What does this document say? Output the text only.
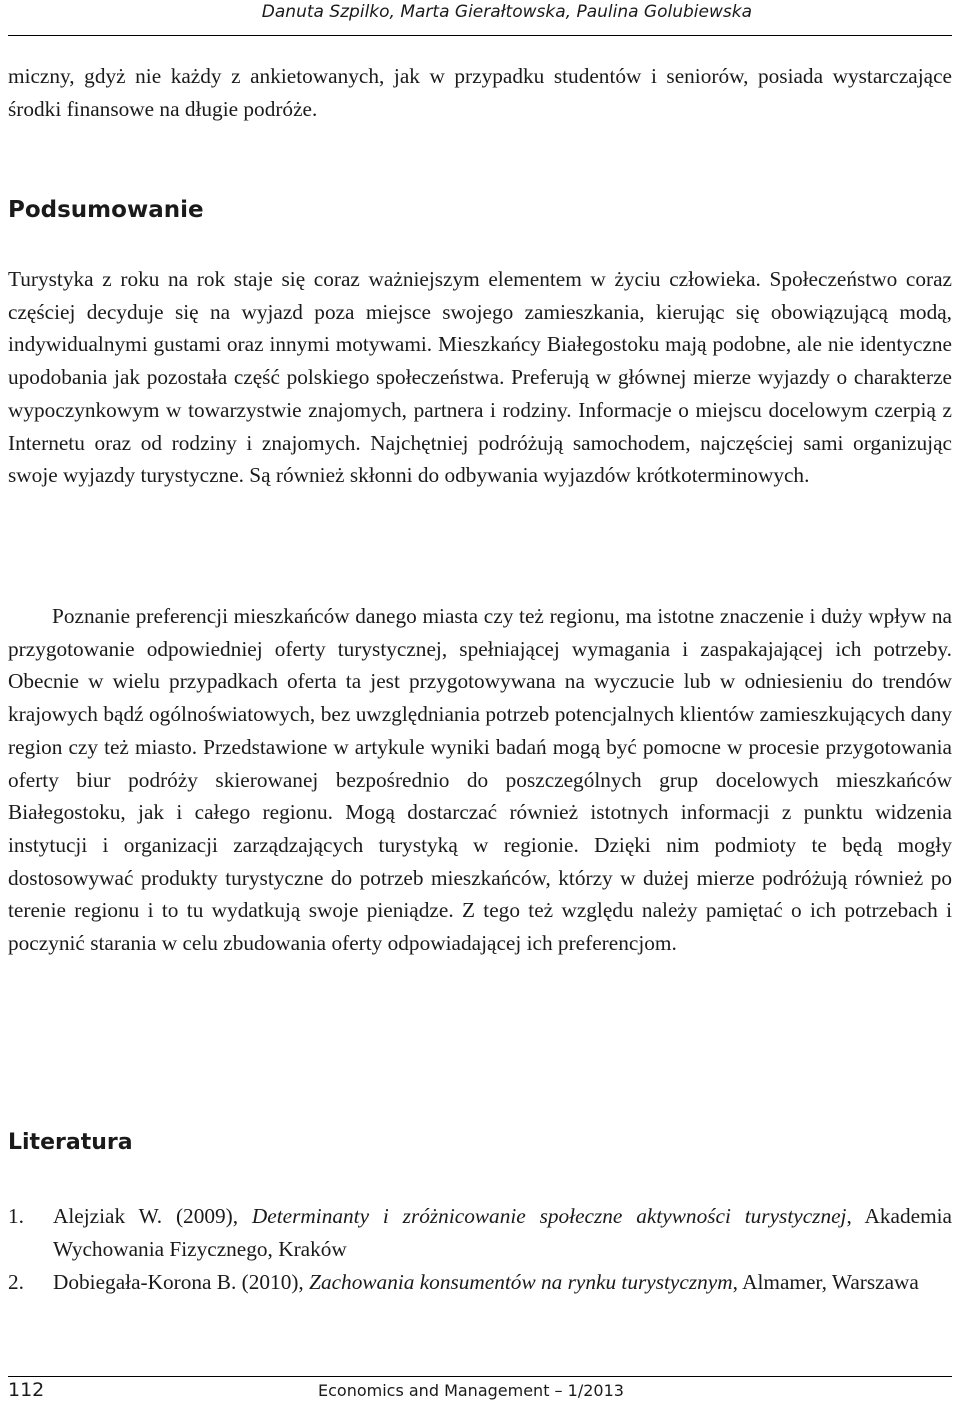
Danuta Szpilko, Marta Gierałtowska, Paulina Golubiewska

miczny, gdyż nie każdy z ankietowanych, jak w przypadku studentów i seniorów, posiada wystarczające środki finansowe na długie podróże.

Podsumowanie

Turystyka z roku na rok staje się coraz ważniejszym elementem w życiu człowieka. Społeczeństwo coraz częściej decyduje się na wyjazd poza miejsce swojego zamieszkania, kierując się obowiązującą modą, indywidualnymi gustami oraz innymi motywami. Mieszkańcy Białegostoku mają podobne, ale nie identyczne upodobania jak pozostała część polskiego społeczeństwa. Preferują w głównej mierze wyjazdy o charakterze wypoczynkowym w towarzystwie znajomych, partnera i rodziny. Informacje o miejscu docelowym czerpią z Internetu oraz od rodziny i znajomych. Najchętniej podróżują samochodem, najczęściej sami organizując swoje wyjazdy turystyczne. Są również skłonni do odbywania wyjazdów krótkoterminowych.

Poznanie preferencji mieszkańców danego miasta czy też regionu, ma istotne znaczenie i duży wpływ na przygotowanie odpowiedniej oferty turystycznej, spełniającej wymagania i zaspakajającej ich potrzeby. Obecnie w wielu przypadkach oferta ta jest przygotowywana na wyczucie lub w odniesieniu do trendów krajowych bądź ogólnoświatowych, bez uwzględniania potrzeb potencjalnych klientów zamieszkujących dany region czy też miasto. Przedstawione w artykule wyniki badań mogą być pomocne w procesie przygotowania oferty biur podróży skierowanej bezpośrednio do poszczególnych grup docelowych mieszkańców Białegostoku, jak i całego regionu. Mogą dostarczać również istotnych informacji z punktu widzenia instytucji i organizacji zarządzających turystyką w regionie. Dzięki nim podmioty te będą mogły dostosowywać produkty turystyczne do potrzeb mieszkańców, którzy w dużej mierze podróżują również po terenie regionu i to tu wydatkują swoje pieniądze. Z tego też względu należy pamiętać o ich potrzebach i poczynić starania w celu zbudowania oferty odpowiadającej ich preferencjom.

Literatura
1. Alejziak W. (2009), Determinanty i zróżnicowanie społeczne aktywności turystycznej, Akademia Wychowania Fizycznego, Kraków
2. Dobiegała-Korona B. (2010), Zachowania konsumentów na rynku turystycznym, Almamer, Warszawa
112	Economics and Management – 1/2013
